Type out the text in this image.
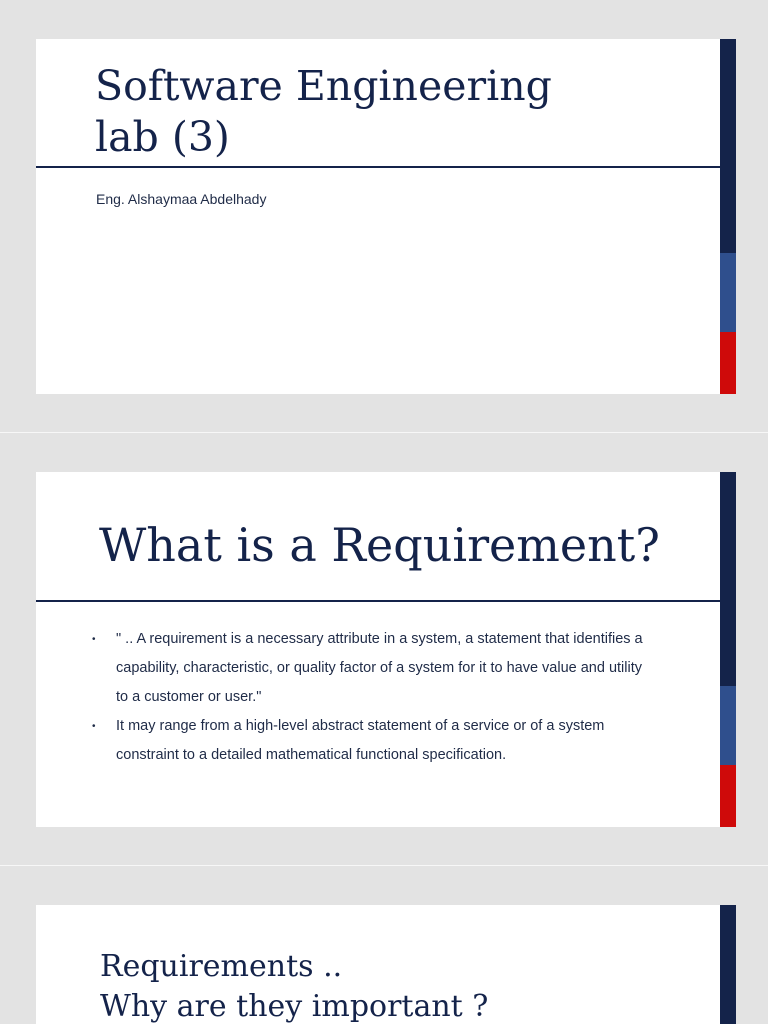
Software Engineering
lab (3)
Eng. Alshaymaa Abdelhady
What is a Requirement?
• " .. A requirement is a necessary attribute in a system, a statement that identifies a capability, characteristic, or quality factor of a system for it to have value and utility to a customer or user."
• It may range from a high-level abstract statement of a service or of a system constraint to a detailed mathematical functional specification.
Requirements ..
Why are they important ?
